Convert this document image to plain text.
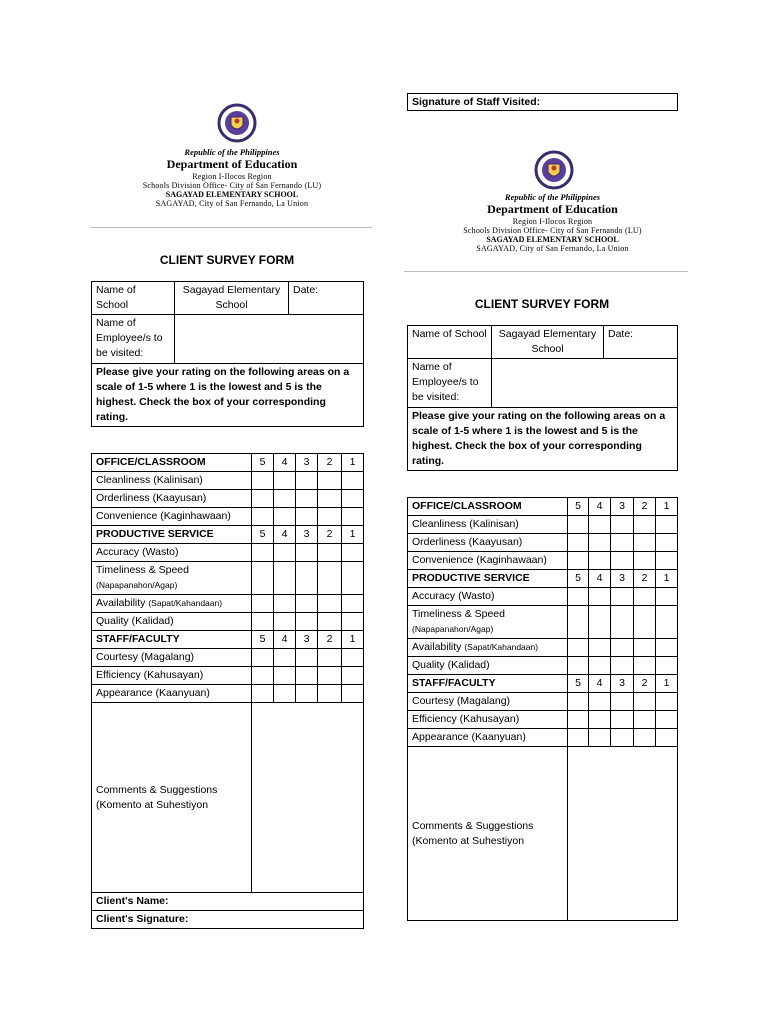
Republic of the Philippines
Department of Education
Region I-Ilocos Region
Schools Division Office- City of San Fernando (LU)
SAGAYAD ELEMENTARY SCHOOL
SAGAYAD, City of San Fernando, La Union
CLIENT SURVEY FORM
Name of School	Sagayad Elementary School	Date:
Name of Employee/s to be visited:		
Please give your rating on the following areas on a scale of 1-5 where 1 is the lowest and 5 is the highest. Check the box of your corresponding rating.		
OFFICE/CLASSROOM	5	4	3	2	1
Cleanliness (Kalinisan)					
Orderliness (Kaayusan)					
Convenience (Kaginhawaan)					
PRODUCTIVE SERVICE	5	4	3	2	1
Accuracy (Wasto)					
Timeliness & Speed
(Napapanahon/Agap)					
Availability (Sapat/Kahandaan)					
Quality (Kalidad)					
STAFF/FACULTY	5	4	3	2	1
Courtesy (Magalang)					
Efficiency (Kahusayan)					
Appearance (Kaanyuan)					
Comments & Suggestions (Komento at Suhestiyon					
Client's Name:					
Client's Signature:					
Signature of Staff Visited:
Republic of the Philippines
Department of Education
Region I-Ilocos Region
Schools Division Office- City of San Fernando (LU)
SAGAYAD ELEMENTARY SCHOOL
SAGAYAD, City of San Fernando, La Union
CLIENT SURVEY FORM
Name of School	Sagayad Elementary School	Date:
Name of Employee/s to be visited:		
Please give your rating on the following areas on a scale of 1-5 where 1 is the lowest and 5 is the highest. Check the box of your corresponding rating.		
OFFICE/CLASSROOM	5	4	3	2	1
Cleanliness (Kalinisan)					
Orderliness (Kaayusan)					
Convenience (Kaginhawaan)					
PRODUCTIVE SERVICE	5	4	3	2	1
Accuracy (Wasto)					
Timeliness & Speed
(Napapanahon/Agap)					
Availability (Sapat/Kahandaan)					
Quality (Kalidad)					
STAFF/FACULTY	5	4	3	2	1
Courtesy (Magalang)					
Efficiency (Kahusayan)					
Appearance (Kaanyuan)					
Comments & Suggestions (Komento at Suhestiyon					
